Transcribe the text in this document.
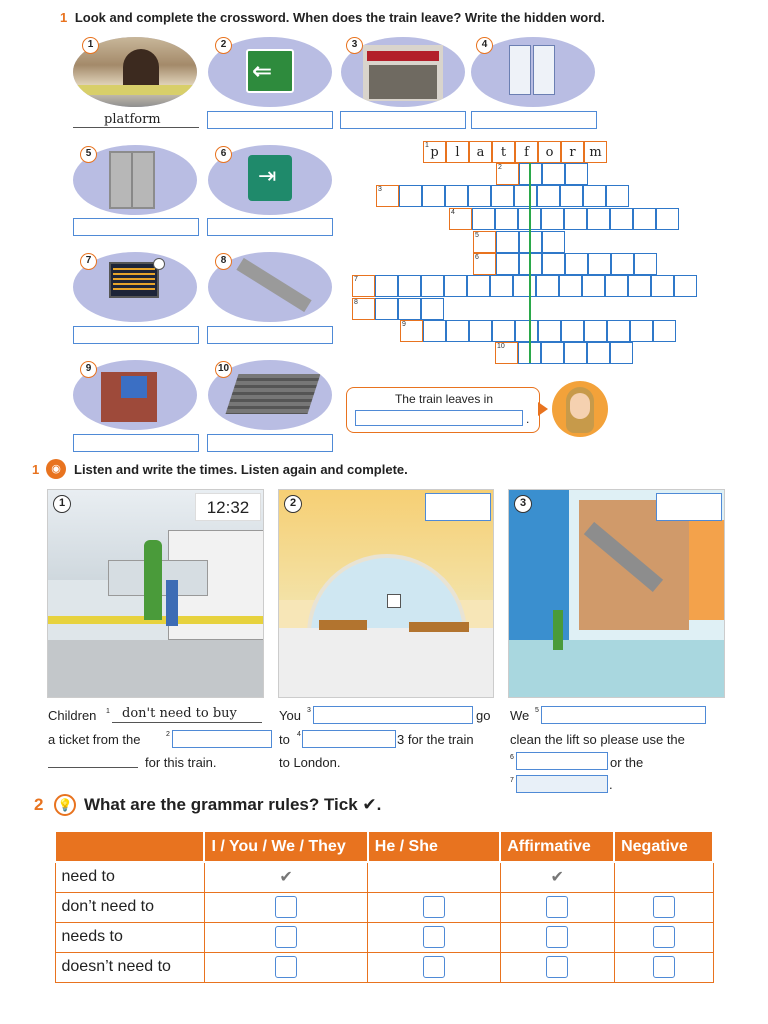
1 Look and complete the crossword. When does the train leave? Write the hidden word.
1
⇐
2	3	4
platform
5
⇥
6
7	8
9	10
1 p	l	a	t	f	o	r	m
2
3
4
5
6
7
8
9
10
The train leaves in
.
1	◉	Listen and write the times. Listen again and complete.
1	12:32	2	3
Children 1 don't need to buy
a ticket from the	2
for this train.
You 3	go
to 4	3 for the train
to London.
We 5
clean the lift so please use the
6	or the
7	.
2 💡 What are the grammar rules? Tick ✔.
	I / You / We / They	He / She	Affirmative	Negative
need to	✔		✔	
don’t need to				
needs to				
doesn’t need to				
